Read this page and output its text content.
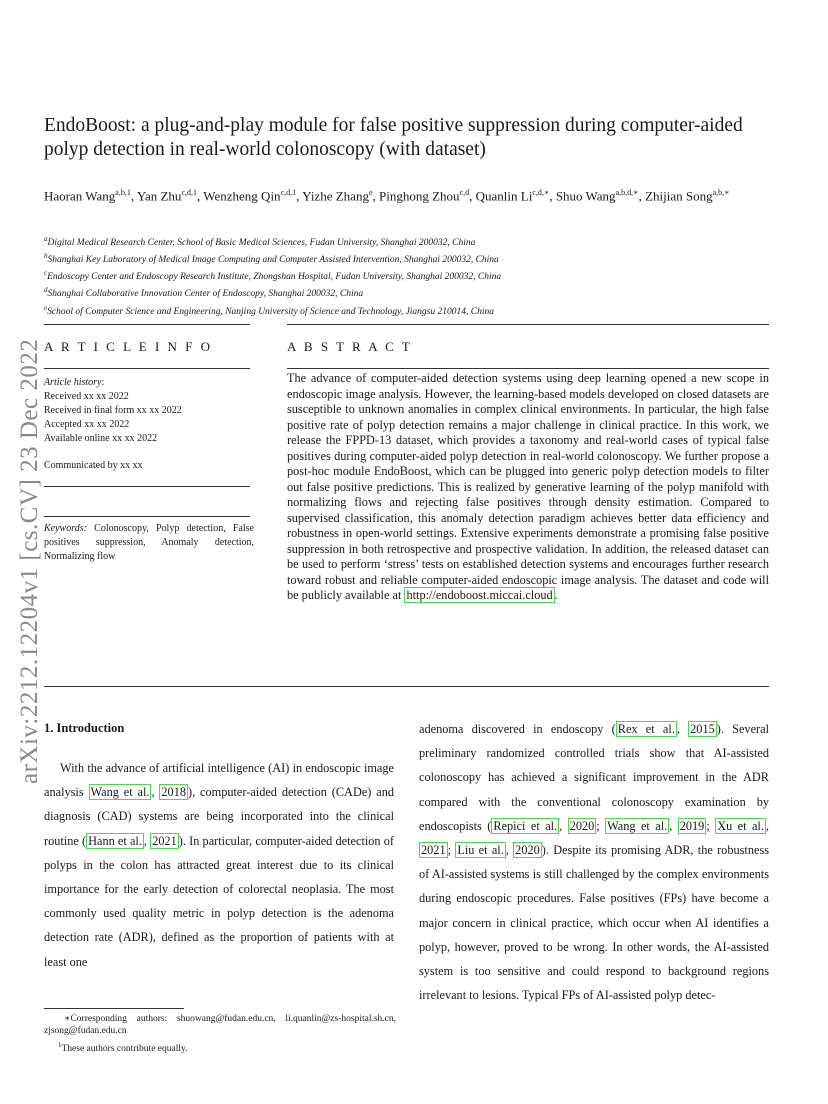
arXiv:2212.12204v1 [cs.CV] 23 Dec 2022
EndoBoost: a plug-and-play module for false positive suppression during computer-aided polyp detection in real-world colonoscopy (with dataset)
Haoran Wang$^{a,b,1}$, Yan Zhu$^{c,d,1}$, Wenzheng Qin$^{c,d,1}$, Yizhe Zhang$^e$, Pinghong Zhou$^{c,d}$, Quanlin $Li^{c,d,∗}$, Shuo Wang$^{a,b,d,∗}$, Zhijian Song$^{a,b,∗}$
$^a$Digital Medical Research Center, School of Basic Medical Sciences, Fudan University, Shanghai 200032, China
$^b$Shanghai Key Laboratory of Medical Image Computing and Computer Assisted Intervention, Shanghai 200032, China
$^c$Endoscopy Center and Endoscopy Research Institute, Zhongshan Hospital, Fudan University, Shanghai 200032, China
$^d$Shanghai Collaborative Innovation Center of Endoscopy, Shanghai 200032, China
$^e$School of Computer Science and Engineering, Nanjing University of Science and Technology, Jiangsu 210014, China
A R T I C L E I N F O
Article history:
Received xx xx 2022
Received in final form xx xx 2022
Accepted xx xx 2022
Available online xx xx 2022
Communicated by xx xx
Keywords: Colonoscopy, Polyp detection, False positives suppression, Anomaly detection, Normalizing flow
A B S T R A C T
The advance of computer-aided detection systems using deep learning opened a new scope in endoscopic image analysis. However, the learning-based models developed on closed datasets are susceptible to unknown anomalies in complex clinical environments. In particular, the high false positive rate of polyp detection remains a major challenge in clinical practice. In this work, we release the FPPD-13 dataset, which provides a taxonomy and real-world cases of typical false positives during computer-aided polyp detection in real-world colonoscopy. We further propose a post-hoc module EndoBoost, which can be plugged into generic polyp detection models to filter out false positive predictions. This is realized by generative learning of the polyp manifold with normalizing flows and rejecting false positives through density estimation. Compared to supervised classification, this anomaly detection paradigm achieves better data efficiency and robustness in open-world settings. Extensive experiments demonstrate a promising false positive suppression in both retrospective and prospective validation. In addition, the released dataset can be used to perform ‘stress’ tests on established detection systems and encourages further research toward robust and reliable computer-aided endoscopic image analysis. The dataset and code will be publicly available at http://endoboost.miccai.cloud .
1. Introduction
With the advance of artificial intelligence (AI) in endoscopic image analysis Wang et al. , 2018 ), computer-aided detection (CADe) and diagnosis (CAD) systems are being incorporated into the clinical routine ( Hann et al. , 2021 ). In particular, computer-aided detection of polyps in the colon has attracted great interest due to its clinical importance for the early detection of colorectal neoplasia. The most commonly used quality metric in polyp detection is the adenoma detection rate (ADR), defined as the proportion of patients with at least one
adenoma discovered in endoscopy ( Rex et al. , 2015 ). Several preliminary randomized controlled trials show that AI-assisted colonoscopy has achieved a significant improvement in the ADR compared with the conventional colonoscopy examination by endoscopists ( Repici et al. , 2020 ; Wang et al. , 2019 ; Xu et al. , 2021 ; Liu et al. , 2020 ). Despite its promising ADR, the robustness of AI-assisted systems is still challenged by the complex environments during endoscopic procedures. False positives (FPs) have become a major concern in clinical practice, which occur when AI identifies a polyp, however, proved to be wrong. In other words, the AI-assisted system is too sensitive and could respond to background regions irrelevant to lesions. Typical FPs of AI-assisted polyp detec-
∗Corresponding authors: shuowang@fudan.edu.cn, li.quanlin@zs-hospital.sh.cn, zjsong@fudan.edu.cn
$^1$These authors contribute equally.
